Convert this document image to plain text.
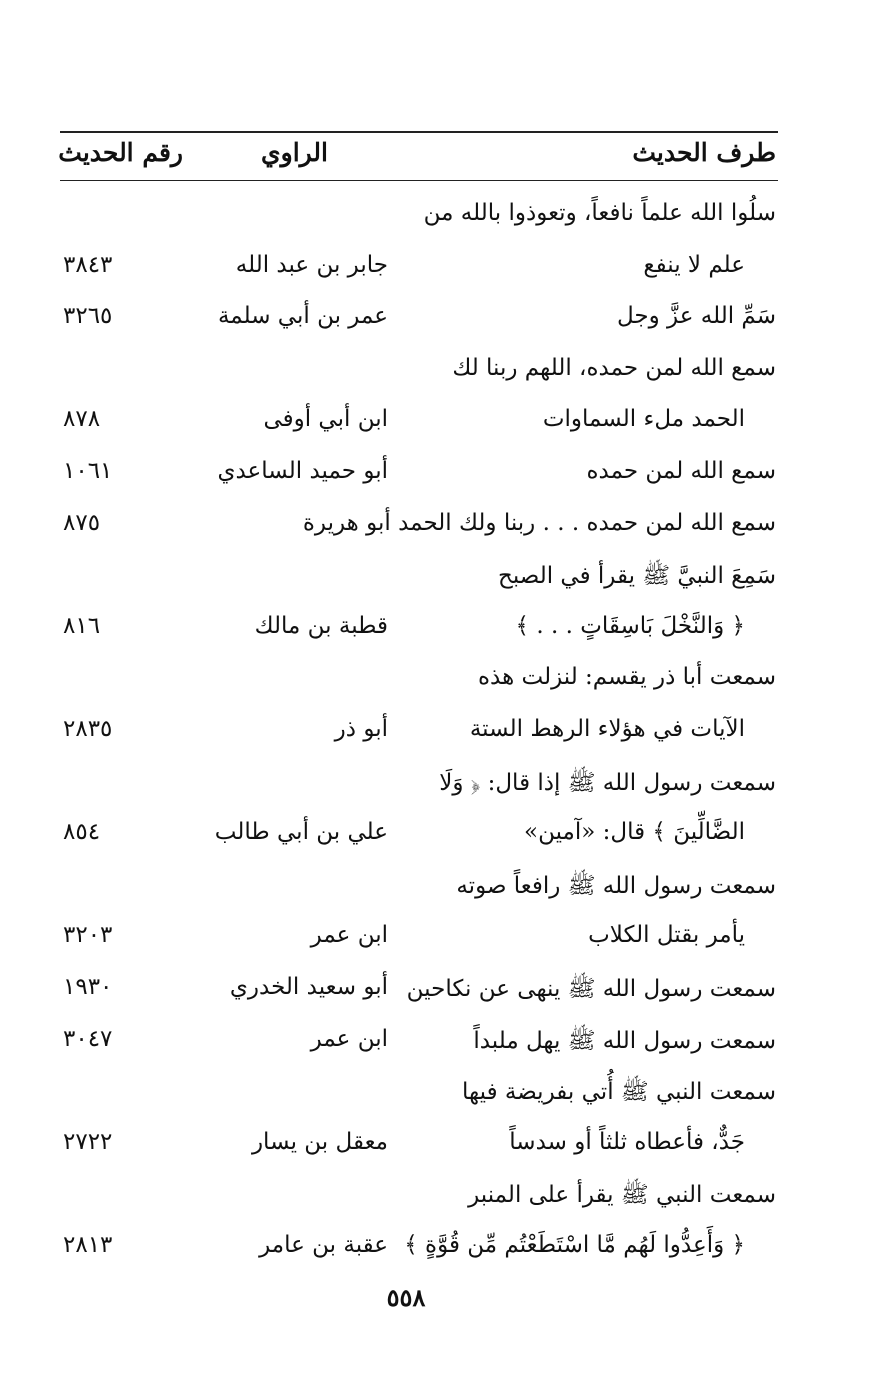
طرف الحديث
الراوي
رقم الحديث
سلُوا الله علماً نافعاً، وتعوذوا بالله من
علم لا ينفع
جابر بن عبد الله
٣٨٤٣
سَمِّ الله عزَّ وجل
عمر بن أبي سلمة
٣٢٦٥
سمع الله لمن حمده، اللهم ربنا لك
الحمد ملء السماوات
ابن أبي أوفى
٨٧٨
سمع الله لمن حمده
أبو حميد الساعدي
١٠٦١
سمع الله لمن حمده . . . ربنا ولك الحمد أبو هريرة
٨٧٥
سَمِعَ النبيَّ ﷺ يقرأ في الصبح
﴿ وَالنَّخْلَ بَاسِقَاتٍ . . . ﴾
قطبة بن مالك
٨١٦
سمعت أبا ذر يقسم: لنزلت هذه
الآيات في هؤلاء الرهط الستة
أبو ذر
٢٨٣٥
سمعت رسول الله ﷺ إذا قال: ﴿ وَلَا
الضَّالِّينَ ﴾ قال: «آمين»
علي بن أبي طالب
٨٥٤
سمعت رسول الله ﷺ رافعاً صوته
يأمر بقتل الكلاب
ابن عمر
٣٢٠٣
سمعت رسول الله ﷺ ينهى عن نكاحين
أبو سعيد الخدري
١٩٣٠
سمعت رسول الله ﷺ يهل ملبداً
ابن عمر
٣٠٤٧
سمعت النبي ﷺ أُتي بفريضة فيها
جَدٌّ، فأعطاه ثلثاً أو سدساً
معقل بن يسار
٢٧٢٢
سمعت النبي ﷺ يقرأ على المنبر
﴿ وَأَعِدُّوا لَهُم مَّا اسْتَطَعْتُم مِّن قُوَّةٍ ﴾
عقبة بن عامر
٢٨١٣
٥٥٨
